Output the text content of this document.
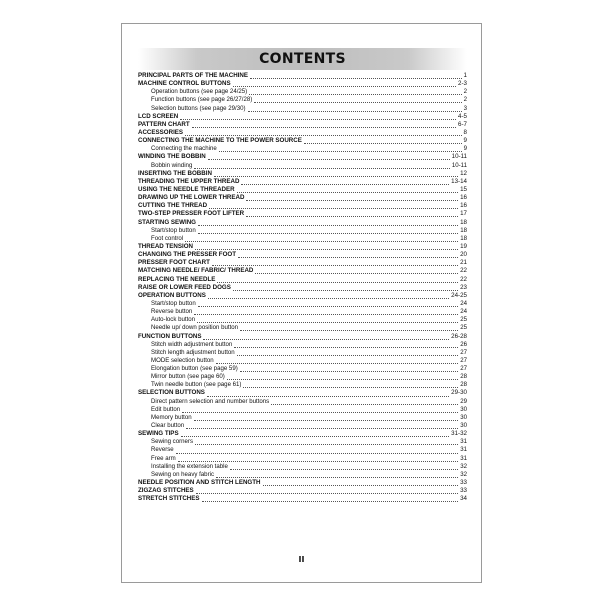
CONTENTS
PRINCIPAL PARTS OF THE MACHINE	1
MACHINE CONTROL BUTTONS	2-3
Operation buttons (see page 24/25)	2
Function buttons (see page 26/27/28)	2
Selection buttons (see page 29/30)	3
LCD SCREEN	4-5
PATTERN CHART	6-7
ACCESSORIES	8
CONNECTING THE MACHINE TO THE POWER SOURCE	9
Connecting the machine	9
WINDING THE BOBBIN	10-11
Bobbin winding	10-11
INSERTING THE BOBBIN	12
THREADING THE UPPER THREAD	13-14
USING THE NEEDLE THREADER	15
DRAWING UP THE LOWER THREAD	16
CUTTING THE THREAD	16
TWO-STEP PRESSER FOOT LIFTER	17
STARTING SEWING	18
Start/stop button	18
Foot control	18
THREAD TENSION	19
CHANGING THE PRESSER FOOT	20
PRESSER FOOT CHART	21
MATCHING NEEDLE/ FABRIC/ THREAD	22
REPLACING THE NEEDLE	22
RAISE OR LOWER FEED DOGS	23
OPERATION BUTTONS	24-25
Start/stop button	24
Reverse button	24
Auto-lock button	25
Needle up/ down position button	25
FUNCTION BUTTONS	26-28
Stitch width adjustment button	26
Stitch length adjustment button	27
MODE selection button	27
Elongation button (see page 59)	27
Mirror button (see page 60)	28
Twin needle button (see page 61)	28
SELECTION BUTTONS	29-30
Direct pattern selection and number buttons	29
Edit button	30
Memory button	30
Clear button	30
SEWING TIPS	31-32
Sewing corners	31
Reverse	31
Free arm	31
Installing the extension table	32
Sewing on heavy fabric	32
NEEDLE POSITION AND STITCH LENGTH	33
ZIGZAG STITCHES	33
STRETCH STITCHES	34
II
